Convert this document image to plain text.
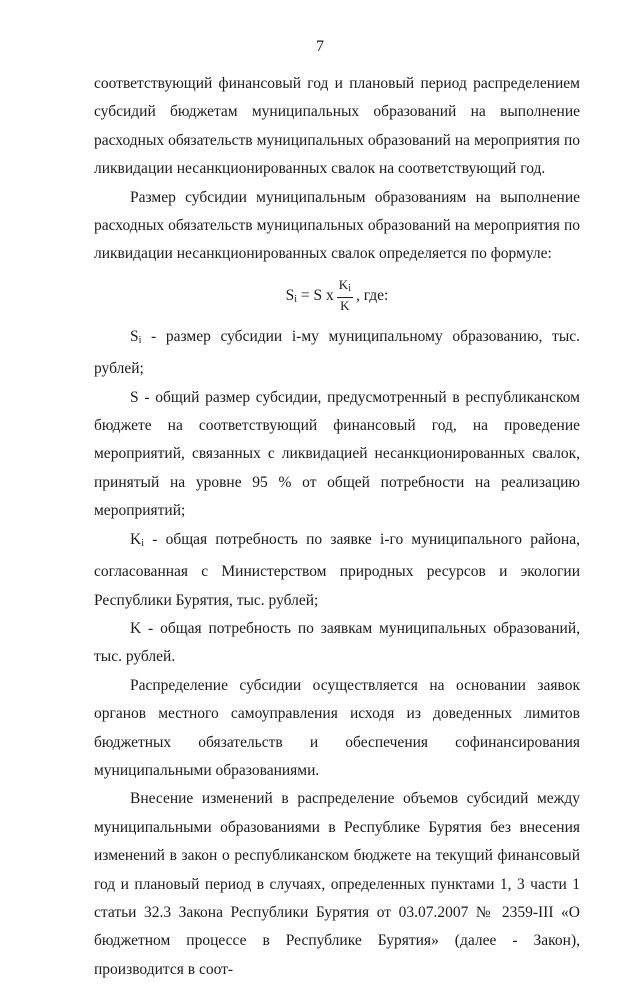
7

соответствующий финансовый год и плановый период распределением субсидий бюджетам муниципальных образований на выполнение расходных обязательств муниципальных образований на мероприятия по ликвидации несанкционированных свалок на соответствующий год.

Размер субсидии муниципальным образованиям на выполнение расходных обязательств муниципальных образований на мероприятия по ликвидации несанкционированных свалок определяется по формуле:

$S_i$
= S x $\frac{K_i}{K}$ , где:

$S_i$ - размер субсидии i-му муниципальному образованию, тыс. рублей;

S - общий размер субсидии, предусмотренный в республиканском бюджете на соответствующий финансовый год, на проведение мероприятий, связанных с ликвидацией несанкционированных свалок, принятый на уровне 95 % от общей потребности на реализацию мероприятий;

$K_i$ - общая потребность по заявке i-го муниципального района, согласованная с Министерством природных ресурсов и экологии Республики Бурятия, тыс. рублей;

K - общая потребность по заявкам муниципальных образований, тыс. рублей.

Распределение субсидии осуществляется на основании заявок органов местного самоуправления исходя из доведенных лимитов бюджетных обязательств и обеспечения софинансирования муниципальными образованиями.

Внесение изменений в распределение объемов субсидий между муниципальными образованиями в Республике Бурятия без внесения изменений в закон о республиканском бюджете на текущий финансовый год и плановый период в случаях, определенных пунктами 1, 3 части 1 статьи 32.3 Закона Республики Бурятия от 03.07.2007 № 2359-III «О бюджетном процессе в Республике Бурятия» (далее - Закон), производится в соот-
